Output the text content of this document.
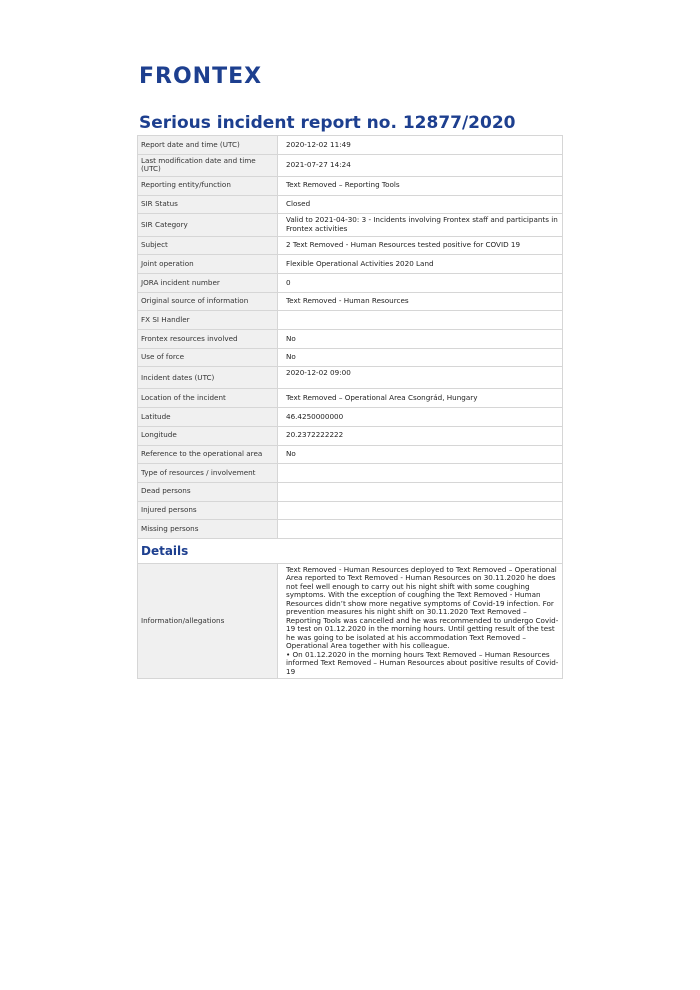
FRONTEX
Serious incident report no. 12877/2020
Report date and time (UTC)	2020-12-02 11:49
Last modification date and time (UTC)	2021-07-27 14:24
Reporting entity/function	Text Removed – Reporting Tools
SIR Status	Closed
SIR Category	Valid to 2021-04-30: 3 - Incidents involving Frontex staff and participants in Frontex activities
Subject	2 Text Removed - Human Resources tested positive for COVID 19
Joint operation	Flexible Operational Activities 2020 Land
JORA incident number	0
Original source of information	Text Removed - Human Resources
FX SI Handler	
Frontex resources involved	No
Use of force	No
Incident dates (UTC)	2020-12-02 09:00
Location of the incident	Text Removed – Operational Area Csongrád, Hungary
Latitude	46.4250000000
Longitude	20.2372222222
Reference to the operational area	No
Type of resources / involvement	
Dead persons	
Injured persons	
Missing persons	
Details	
Information/allegations	Text Removed - Human Resources deployed to Text Removed – Operational Area reported to Text Removed - Human Resources on 30.11.2020 he does not feel well enough to carry out his night shift with some coughing symptoms. With the exception of coughing the Text Removed - Human Resources didn’t show more negative symptoms of Covid-19 infection. For prevention measures his night shift on 30.11.2020 Text Removed – Reporting Tools was cancelled and he was recommended to undergo Covid-19 test on 01.12.2020 in the morning hours. Until getting result of the test he was going to be isolated at his accommodation Text Removed – Operational Area together with his colleague.
• On 01.12.2020 in the morning hours Text Removed – Human Resources informed Text Removed – Human Resources about positive results of Covid-19
